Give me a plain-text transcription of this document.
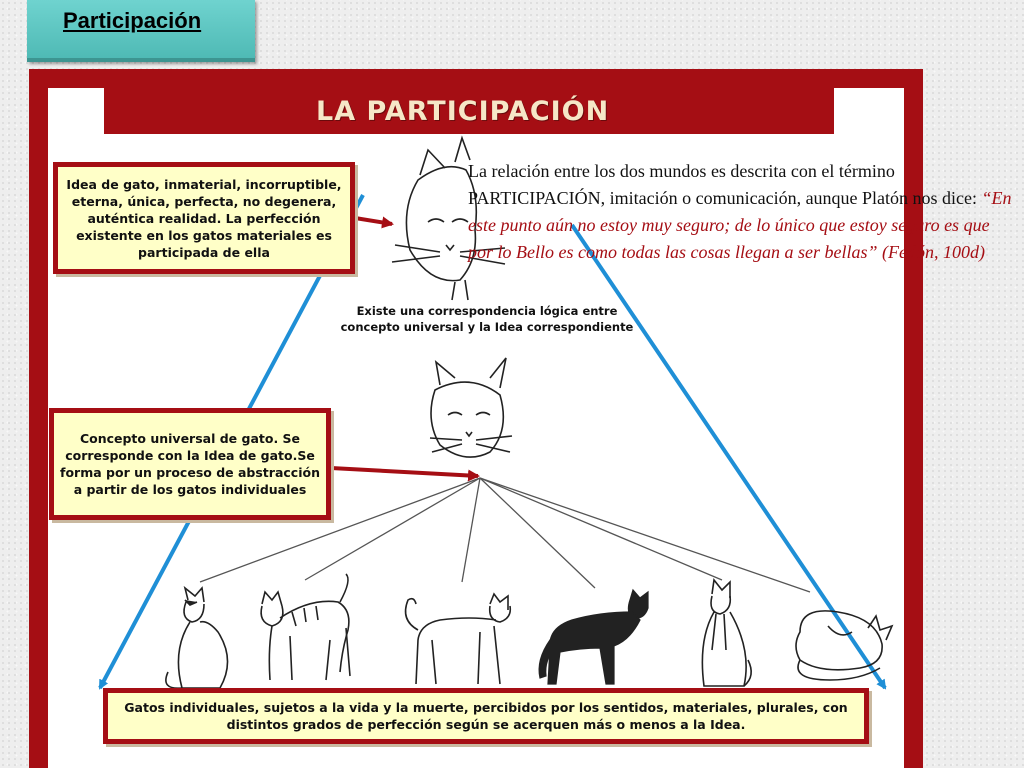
Participación
LA PARTICIPACIÓN
Idea de gato, inmaterial, incorruptible, eterna, única, perfecta, no degenera, auténtica realidad. La perfección existente en los gatos materiales es participada de ella
Existe una correspondencia lógica entre concepto universal y la Idea correspondiente
Concepto universal de gato. Se corresponde con la Idea de gato.Se forma por un proceso de abstracción a partir de los gatos individuales
Gatos individuales, sujetos a la vida y la muerte, percibidos por los sentidos, materiales, plurales, con distintos grados de perfección según se acerquen más o menos a la Idea.
La relación entre los dos mundos es descrita con el término PARTICIPACIÓN, imitación o comunicación, aunque Platón nos dice: “En este punto aún no estoy muy seguro; de lo único que estoy seguro es que por lo Bello es como todas las cosas llegan a ser bellas” (Fedón, 100d)
